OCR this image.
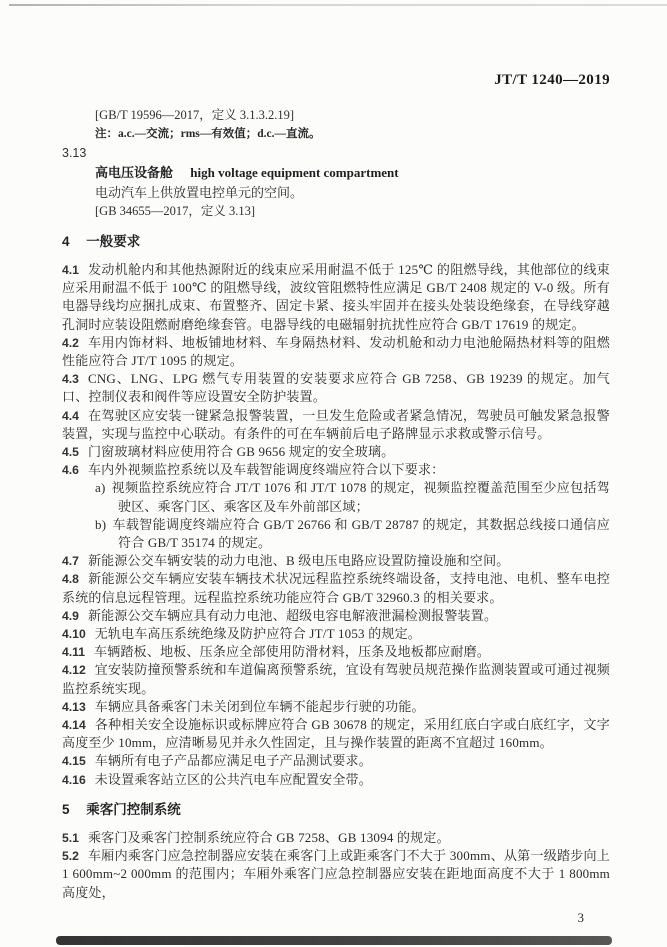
JT/T 1240—2019
[GB/T 19596—2017，定义 3.1.3.2.19]
注：a.c.—交流；rms—有效值；d.c.—直流。
3.13
高电压设备舱 high voltage equipment compartment
电动汽车上供放置电控单元的空间。
[GB 34655—2017，定义 3.13]
4 一般要求

4.1 发动机舱内和其他热源附近的线束应采用耐温不低于 125℃ 的阻燃导线，其他部位的线束应采用耐温不低于 100℃ 的阻燃导线，波纹管阻燃特性应满足 GB/T 2408 规定的 V-0 级。所有电器导线均应捆扎成束、布置整齐、固定卡紧、接头牢固并在接头处装设绝缘套，在导线穿越孔洞时应装设阻燃耐磨绝缘套管。电器导线的电磁辐射抗扰性应符合 GB/T 17619 的规定。

4.2 车用内饰材料、地板铺地材料、车身隔热材料、发动机舱和动力电池舱隔热材料等的阻燃性能应符合 JT/T 1095 的规定。

4.3 CNG、LNG、LPG 燃气专用装置的安装要求应符合 GB 7258、GB 19239 的规定。加气口、控制仪表和阀件等应设置安全防护装置。

4.4 在驾驶区应安装一键紧急报警装置，一旦发生危险或者紧急情况，驾驶员可触发紧急报警装置，实现与监控中心联动。有条件的可在车辆前后电子路牌显示求救或警示信号。

4.5 门窗玻璃材料应使用符合 GB 9656 规定的安全玻璃。

4.6 车内外视频监控系统以及车载智能调度终端应符合以下要求：

a) 视频监控系统应符合 JT/T 1076 和 JT/T 1078 的规定，视频监控覆盖范围至少应包括驾驶区、乘客门区、乘客区及车外前部区域；

b) 车载智能调度终端应符合 GB/T 26766 和 GB/T 28787 的规定，其数据总线接口通信应符合 GB/T 35174 的规定。

4.7 新能源公交车辆安装的动力电池、B 级电压电路应设置防撞设施和空间。

4.8 新能源公交车辆应安装车辆技术状况远程监控系统终端设备，支持电池、电机、整车电控系统的信息远程管理。远程监控系统功能应符合 GB/T 32960.3 的相关要求。

4.9 新能源公交车辆应具有动力电池、超级电容电解液泄漏检测报警装置。

4.10 无轨电车高压系统绝缘及防护应符合 JT/T 1053 的规定。

4.11 车辆踏板、地板、压条应全部使用防滑材料，压条及地板都应耐磨。

4.12 宜安装防撞预警系统和车道偏离预警系统，宜设有驾驶员规范操作监测装置或可通过视频监控系统实现。

4.13 车辆应具备乘客门未关闭到位车辆不能起步行驶的功能。

4.14 各种相关安全设施标识或标牌应符合 GB 30678 的规定，采用红底白字或白底红字，文字高度至少 10mm，应清晰易见并永久性固定，且与操作装置的距离不宜超过 160mm。

4.15 车辆所有电子产品都应满足电子产品测试要求。

4.16 未设置乘客站立区的公共汽电车应配置安全带。

5 乘客门控制系统

5.1 乘客门及乘客门控制系统应符合 GB 7258、GB 13094 的规定。

5.2 车厢内乘客门应急控制器应安装在乘客门上或距乘客门不大于 300mm、从第一级踏步向上 1 600mm~2 000mm 的范围内；车厢外乘客门应急控制器应安装在距地面高度不大于 1 800mm 高度处，

3
